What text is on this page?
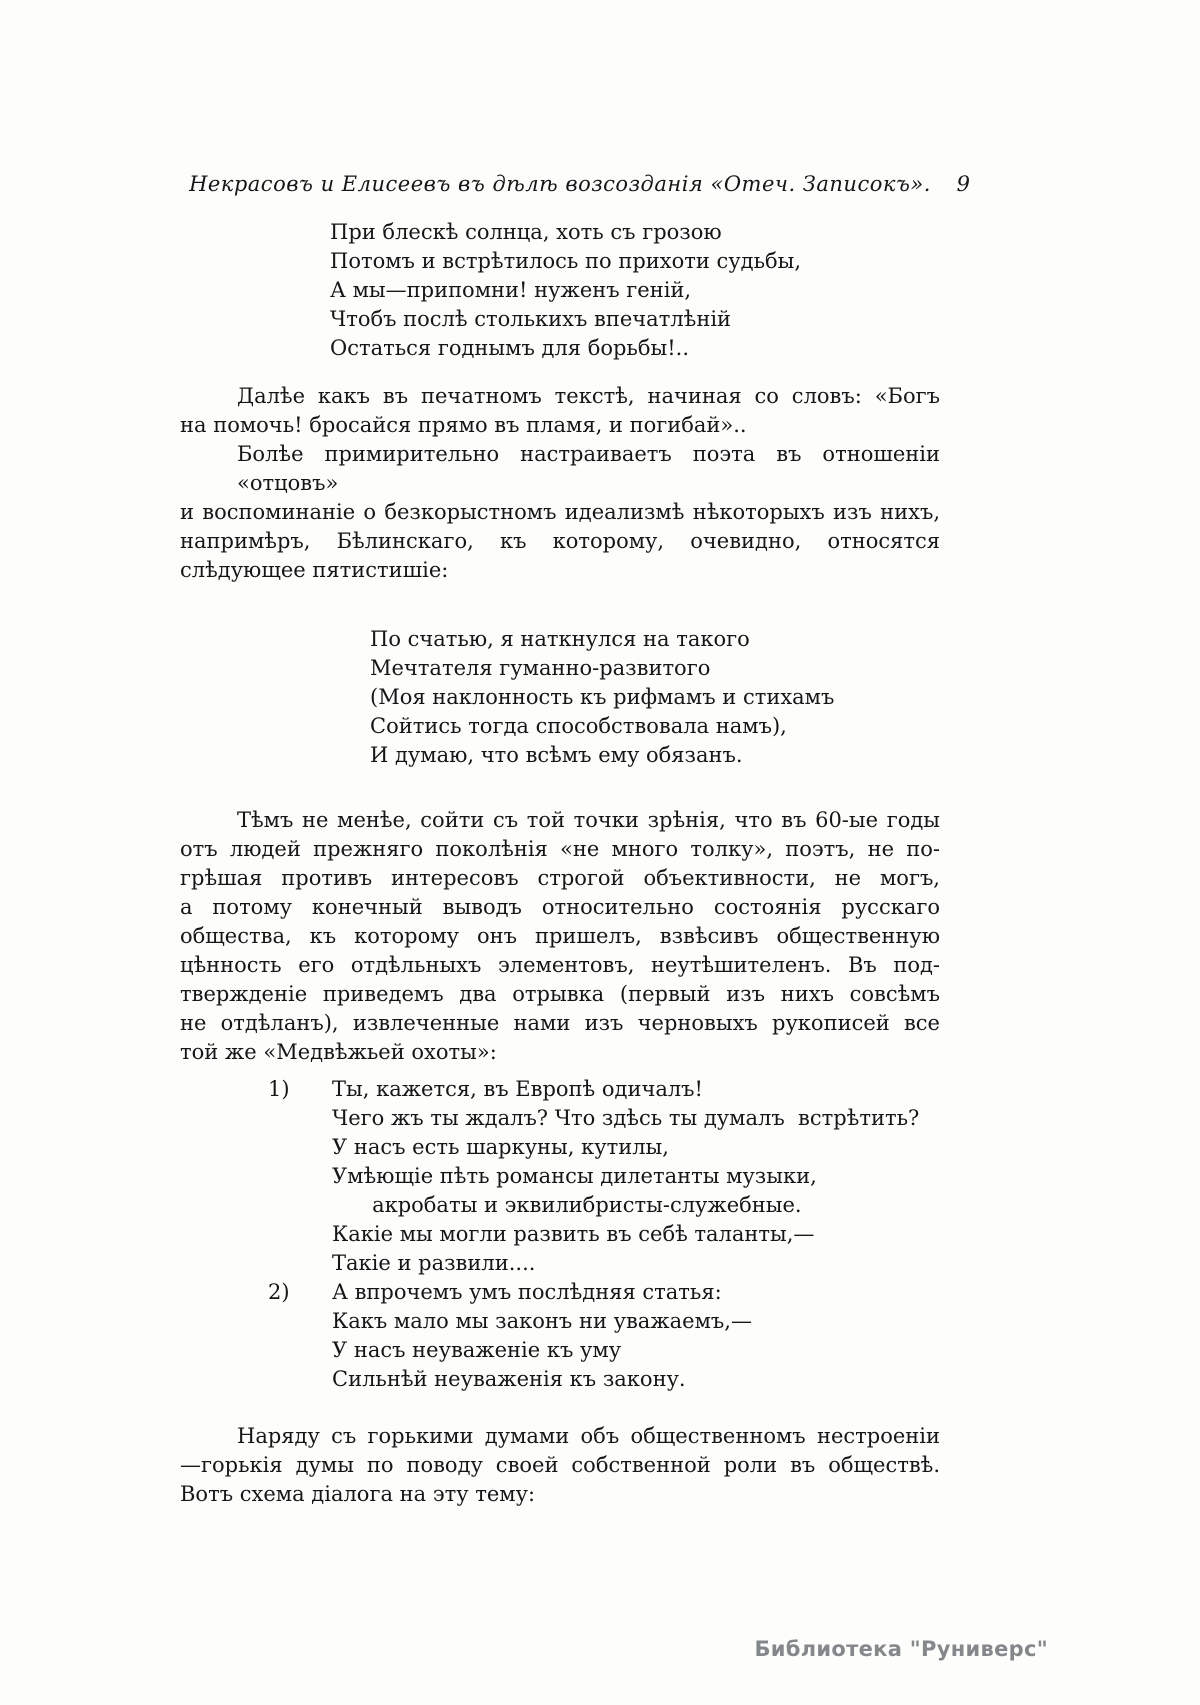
Некрасовъ и Елисеевъ въ дѣлѣ возсозданія «Отеч. Записокъ».	9
При блескѣ солнца, хоть съ грозою
Потомъ и встрѣтилось по прихоти судьбы,
А мы—припомни! нуженъ геній,
Чтобъ послѣ столькихъ впечатлѣній
Остаться годнымъ для борьбы!..
Далѣе какъ въ печатномъ текстѣ, начиная со словъ: «Богъ
на помочь! бросайся прямо въ пламя, и погибай»..
Болѣе примирительно настраиваетъ поэта въ отношеніи «отцовъ»
и воспоминаніе о безкорыстномъ идеализмѣ нѣкоторыхъ изъ нихъ,
напримѣръ, Бѣлинскаго, къ которому, очевидно, относятся
слѣдующее пятистишіе:
По счатью, я наткнулся на такого
Мечтателя гуманно-развитого
(Моя наклонность къ рифмамъ и стихамъ
Сойтись тогда способствовала намъ),
И думаю, что всѣмъ ему обязанъ.
Тѣмъ не менѣе, сойти съ той точки зрѣнія, что въ 60-ые годы
отъ людей прежняго поколѣнія «не много толку», поэтъ, не по-
грѣшая противъ интересовъ строгой объективности, не могъ,
а потому конечный выводъ относительно состоянія русскаго
общества, къ которому онъ пришелъ, взвѣсивъ общественную
цѣнность его отдѣльныхъ элементовъ, неутѣшителенъ. Въ под-
твержденіе приведемъ два отрывка (первый изъ нихъ совсѣмъ
не отдѣланъ), извлеченные нами изъ черновыхъ рукописей все
той же «Медвѣжьей охоты»:
1) Ты, кажется, въ Европѣ одичалъ!
Чего жъ ты ждалъ? Что здѣсь ты думалъ  встрѣтить?
У насъ есть шаркуны, кутилы,
Умѣющіе пѣть романсы дилетанты музыки,
акробаты и эквилибристы-служебные.
Какіе мы могли развить въ себѣ таланты,—
Такіе и развили....
2) А впрочемъ умъ послѣдняя статья:
Какъ мало мы законъ ни уважаемъ,—
У насъ неуваженіе къ уму
Сильнѣй неуваженія къ закону.
Наряду съ горькими думами объ общественномъ нестроеніи
—горькія думы по поводу своей собственной роли въ обществѣ.
Вотъ схема діалога на эту тему:
Библиотека "Руниверс"
